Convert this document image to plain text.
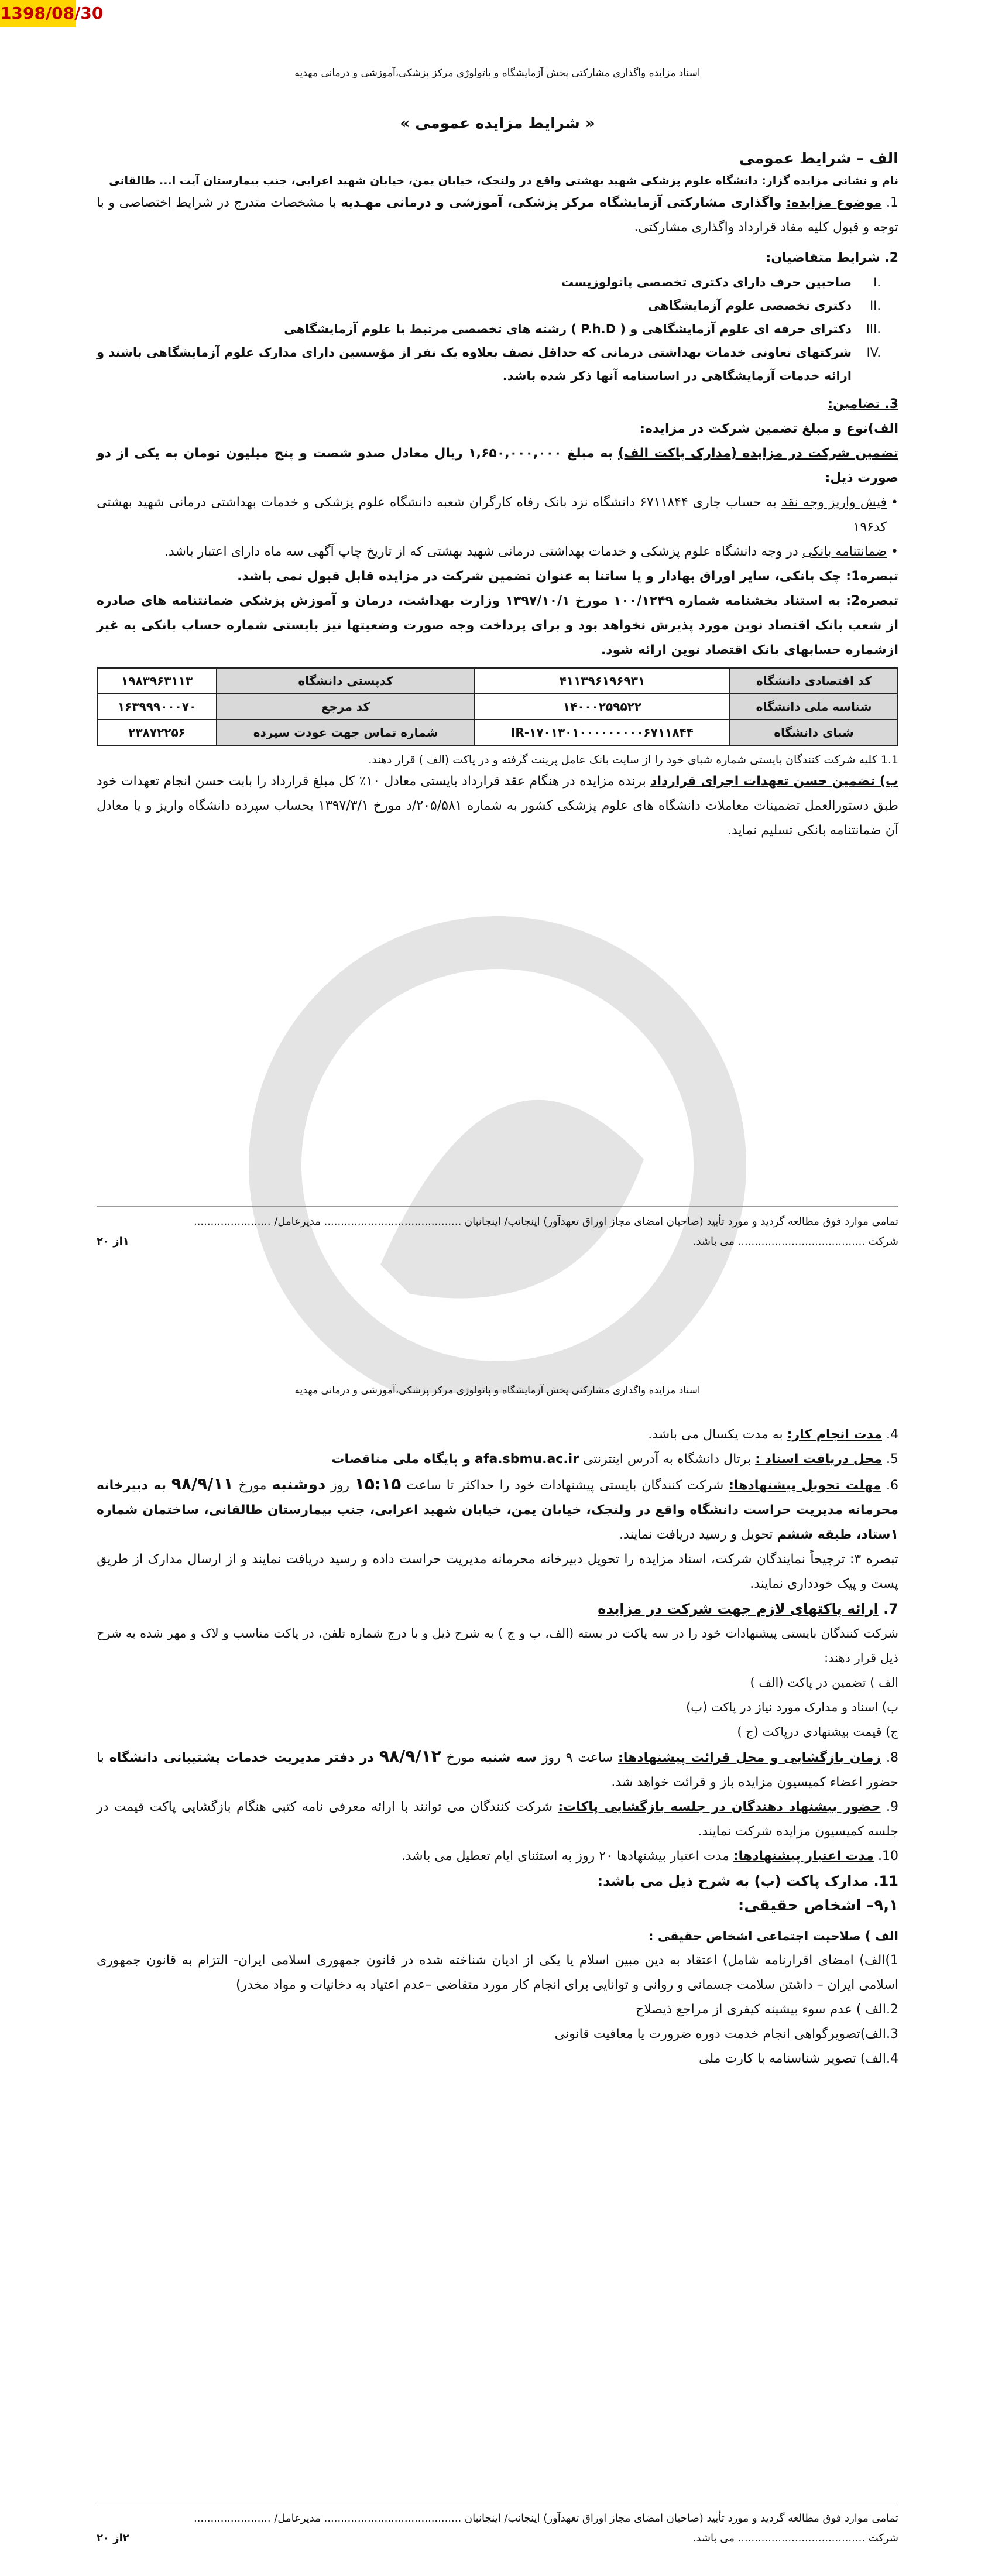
1398/08/30
اسناد مزایده واگذاری مشارکتی پخش آزمایشگاه و پاتولوژی مرکز پزشکی،آموزشی و درمانی مهدیه

« شرایط مزایده عمومی »

الف – شرایط عمومی

نام و نشانی مزایده گزار: دانشگاه علوم پزشکی شهید بهشتی واقع در ولنجک، خیابان یمن، خیابان شهید اعرابی، جنب بیمارستان آیت ا... طالقانی

1. موضوع مزایده: واگذاری مشارکتی آزمایشگاه مرکز پزشکی، آموزشی و درمانی مهـدیه با مشخصات متدرج در شرایط اختصاصی و با توجه و قبول کلیه مفاد قرارداد واگذاری مشارکتی.

2. شرایط متقاضیان:

I.
صاحبین حرف دارای دکتری تخصصی پاتولوزیست
II.
دکتری تخصصی علوم آزمایشگاهی
III.
دکترای حرفه ای علوم آزمایشگاهی و ( P.h.D ) رشته های تخصصی مرتبط با علوم آزمایشگاهی
IV.
شرکتهای تعاونی خدمات بهداشتی درمانی که حداقل نصف بعلاوه یک نفر از مؤسسین دارای مدارک علوم آزمایشگاهی باشند و ارائه خدمات آزمایشگاهی در اساسنامه آنها ذکر شده باشد.

3. تضامین:

الف)نوع و مبلغ تضمین شرکت در مزایده:

تضمین شرکت در مزایده (مدارک پاکت الف) به مبلغ ۱,۶۵۰,۰۰۰,۰۰۰ ریال معادل صدو شصت و پنج میلیون تومان به یکی از دو صورت ذیل:

• فیش واریز وجه نقد به حساب جاری ۶۷۱۱۸۴۴ دانشگاه نزد بانک رفاه کارگران شعبه دانشگاه علوم پزشکی و خدمات بهداشتی درمانی شهید بهشتی کد۱۹۶

• ضمانتنامه بانکی در وجه دانشگاه علوم پزشکی و خدمات بهداشتی درمانی شهید بهشتی که از تاریخ چاپ آگهی سه ماه دارای اعتبار باشد.

تبصره1: چک بانکی، سایر اوراق بهادار و یا ساتنا به عنوان تضمین شرکت در مزایده قابل قبول نمی باشد.

تبصره2: به استناد بخشنامه شماره ۱۰۰/۱۲۴۹ مورخ ۱۳۹۷/۱۰/۱ وزارت بهداشت، درمان و آموزش پزشکی ضمانتنامه های صادره از شعب بانک اقتصاد نوین مورد پذیرش نخواهد بود و برای پرداخت وجه صورت وضعیتها نیز بایستی شماره حساب بانکی به غیر ازشماره حسابهای بانک اقتصاد نوین ارائه شود.

کد اقتصادی دانشگاه	۴۱۱۳۹۶۱۹۶۹۳۱	کدپستی دانشگاه	۱۹۸۳۹۶۳۱۱۳
شناسه ملی دانشگاه	۱۴۰۰۰۲۵۹۵۲۲	کد مرجع	۱۶۳۹۹۹۰۰۰۷۰
شبای دانشگاه	IR-۱۷۰۱۳۰۱۰۰۰۰۰۰۰۰۰۶۷۱۱۸۴۴	شماره تماس جهت عودت سپرده	۲۳۸۷۲۲۵۶

1.1 کلیه شرکت کنندگان بایستی شماره شبای خود را از سایت بانک عامل پرینت گرفته و در پاکت (الف ) قرار دهند.

ب) تضمین حسن تعهدات اجرای قرارداد برنده مزایده در هنگام عقد قرارداد بایستی معادل ۱۰٪ کل مبلغ قرارداد را بابت حسن انجام تعهدات خود طبق دستورالعمل تضمینات معاملات دانشگاه های علوم پزشکی کشور به شماره ۲۰۵/۵۸۱/د مورخ ۱۳۹۷/۳/۱ بحساب سپرده دانشگاه واریز و یا معادل آن ضمانتنامه بانکی تسلیم نماید.

تمامی موارد فوق مطالعه گردید و مورد تأیید (صاحبان امضای مجاز اوراق تعهدآور) اینجانب/ اینجانبان ......................................... مدیرعامل/ .......................

شرکت ...................................... می باشد.
۱از ۲۰
اسناد مزایده واگذاری مشارکتی پخش آزمایشگاه و پاتولوژی مرکز پزشکی،آموزشی و درمانی مهدیه

4. مدت انجام کار: به مدت یکسال می باشد.

5. محل دریافت اسناد : برتال دانشگاه به آدرس اینترنتی afa.sbmu.ac.ir و پایگاه ملی مناقصات

6. مهلت تحویل پیشنهادها: شرکت کنندگان بایستی پیشنهادات خود را حداکثر تا ساعت ۱۵:۱۵ روز دوشنبه مورخ ۹۸/۹/۱۱ به دبیرخانه محرمانه مدیریت حراست دانشگاه واقع در ولنجک، خیابان یمن، خیابان شهید اعرابی، جنب بیمارستان طالقانی، ساختمان شماره ۱ستاد، طبقه ششم تحویل و رسید دریافت نمایند.

تبصره ۳: ترجیحاً نمایندگان شرکت، اسناد مزایده را تحویل دبیرخانه محرمانه مدیریت حراست داده و رسید دریافت نمایند و از ارسال مدارک از طریق پست و پیک خودداری نمایند.

7. ارائه پاکتهای لازم جهت شرکت در مزایده

شرکت کنندگان بایستی پیشنهادات خود را در سه پاکت در بسته (الف، ب و ج ) به شرح ذیل و با درج شماره تلفن، در پاکت مناسب و لاک و مهر شده به شرح ذیل قرار دهند:

الف ) تضمین در پاکت (الف )

ب) اسناد و مدارک مورد نیاز در پاکت (ب)

ج) قیمت بیشنهادی درپاکت (ج )

8. زمان بازگشایی و محل قرائت پیشنهادها: ساعت ۹ روز سه شنبه مورخ ۹۸/۹/۱۲ در دفتر مدیریت خدمات پشتیبانی دانشگاه با حضور اعضاء کمیسیون مزایده باز و قرائت خواهد شد.

9. حضور بیشنهاد دهندگان در جلسه بازگشایی پاکات: شرکت کنندگان می توانند با ارائه معرفی نامه کتبی هنگام بازگشایی پاکت قیمت در جلسه کمیسیون مزایده شرکت نمایند.

10. مدت اعتبار پیشنهادها: مدت اعتبار بیشنهادها ۲۰ روز به استثنای ایام تعطیل می باشد.

11. مدارک پاکت (ب) به شرح ذیل می باشد:

۹,۱– اشخاص حقیقی:

الف ) صلاحیت اجتماعی اشخاص حقیقی :

1)الف) امضای اقرارنامه شامل) اعتقاد به دین مبین اسلام یا یکی از ادیان شناخته شده در قانون جمهوری اسلامی ایران- التزام به قانون جمهوری اسلامی ایران – داشتن سلامت جسمانی و روانی و توانایی برای انجام کار مورد متقاضی –عدم اعتیاد به دخانیات و مواد مخدر)

2.الف ) عدم سوء بیشینه کیفری از مراجع ذیصلاح

3.الف)تصویرگواهی انجام خدمت دوره ضرورت یا معافیت قانونی

4.الف) تصویر شناسنامه با کارت ملی

تمامی موارد فوق مطالعه گردید و مورد تأیید (صاحبان امضای مجاز اوراق تعهدآور) اینجانب/ اینجانبان ......................................... مدیرعامل/ .......................

شرکت ...................................... می باشد.
۲از ۲۰
